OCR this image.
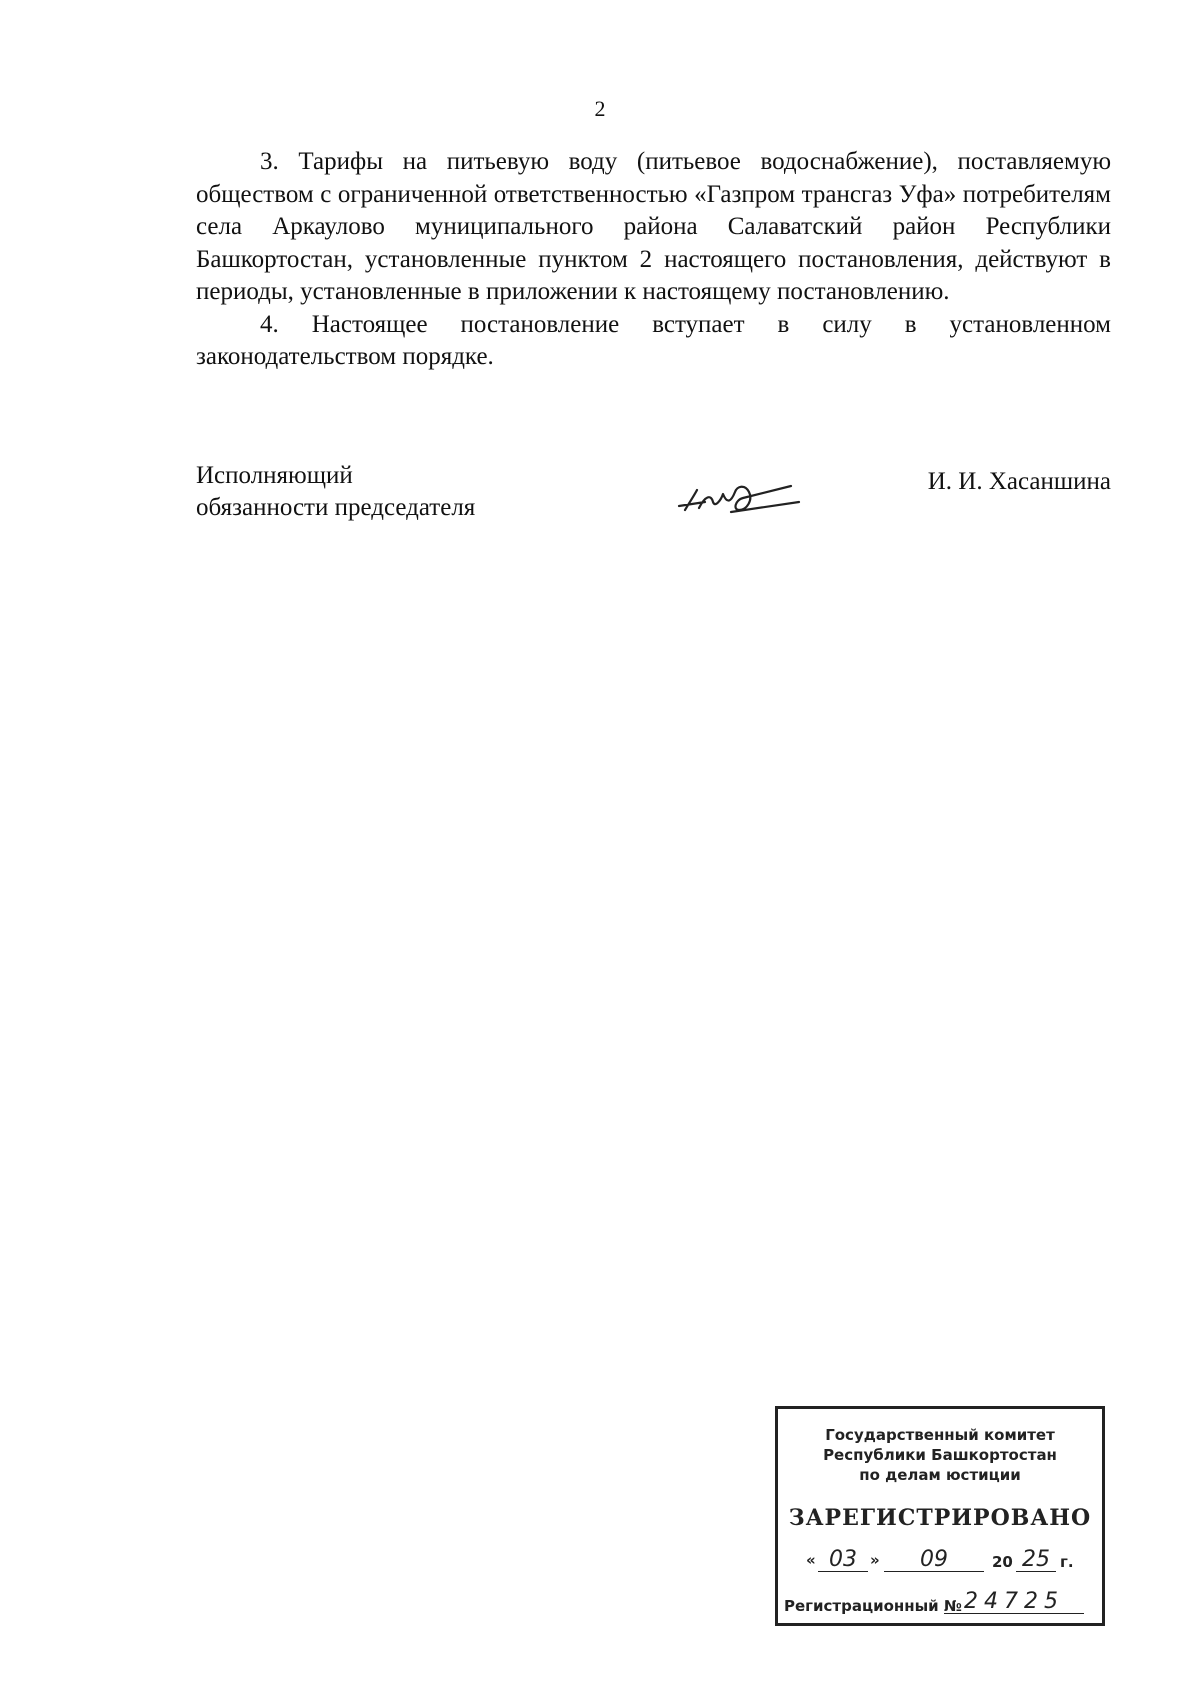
2

3. Тарифы на питьевую воду (питьевое водоснабжение), поставляемую обществом с ограниченной ответственностью «Газпром трансгаз Уфа» потребителям села Аркаулово муниципального района Салаватский район Республики Башкортостан, установленные пунктом 2 настоящего постановления, действуют в периоды, установленные в приложении к настоящему постановлению.

4. Настоящее постановление вступает в силу в установленном законодательством порядке.

Исполняющий
обязанности председателя
И. И. Хасаншина
Государственный комитет
Республики Башкортостан
по делам юстиции
ЗАРЕГИСТРИРОВАНО
« 03 »	09	20 25 г.
Регистрационный № 24725
